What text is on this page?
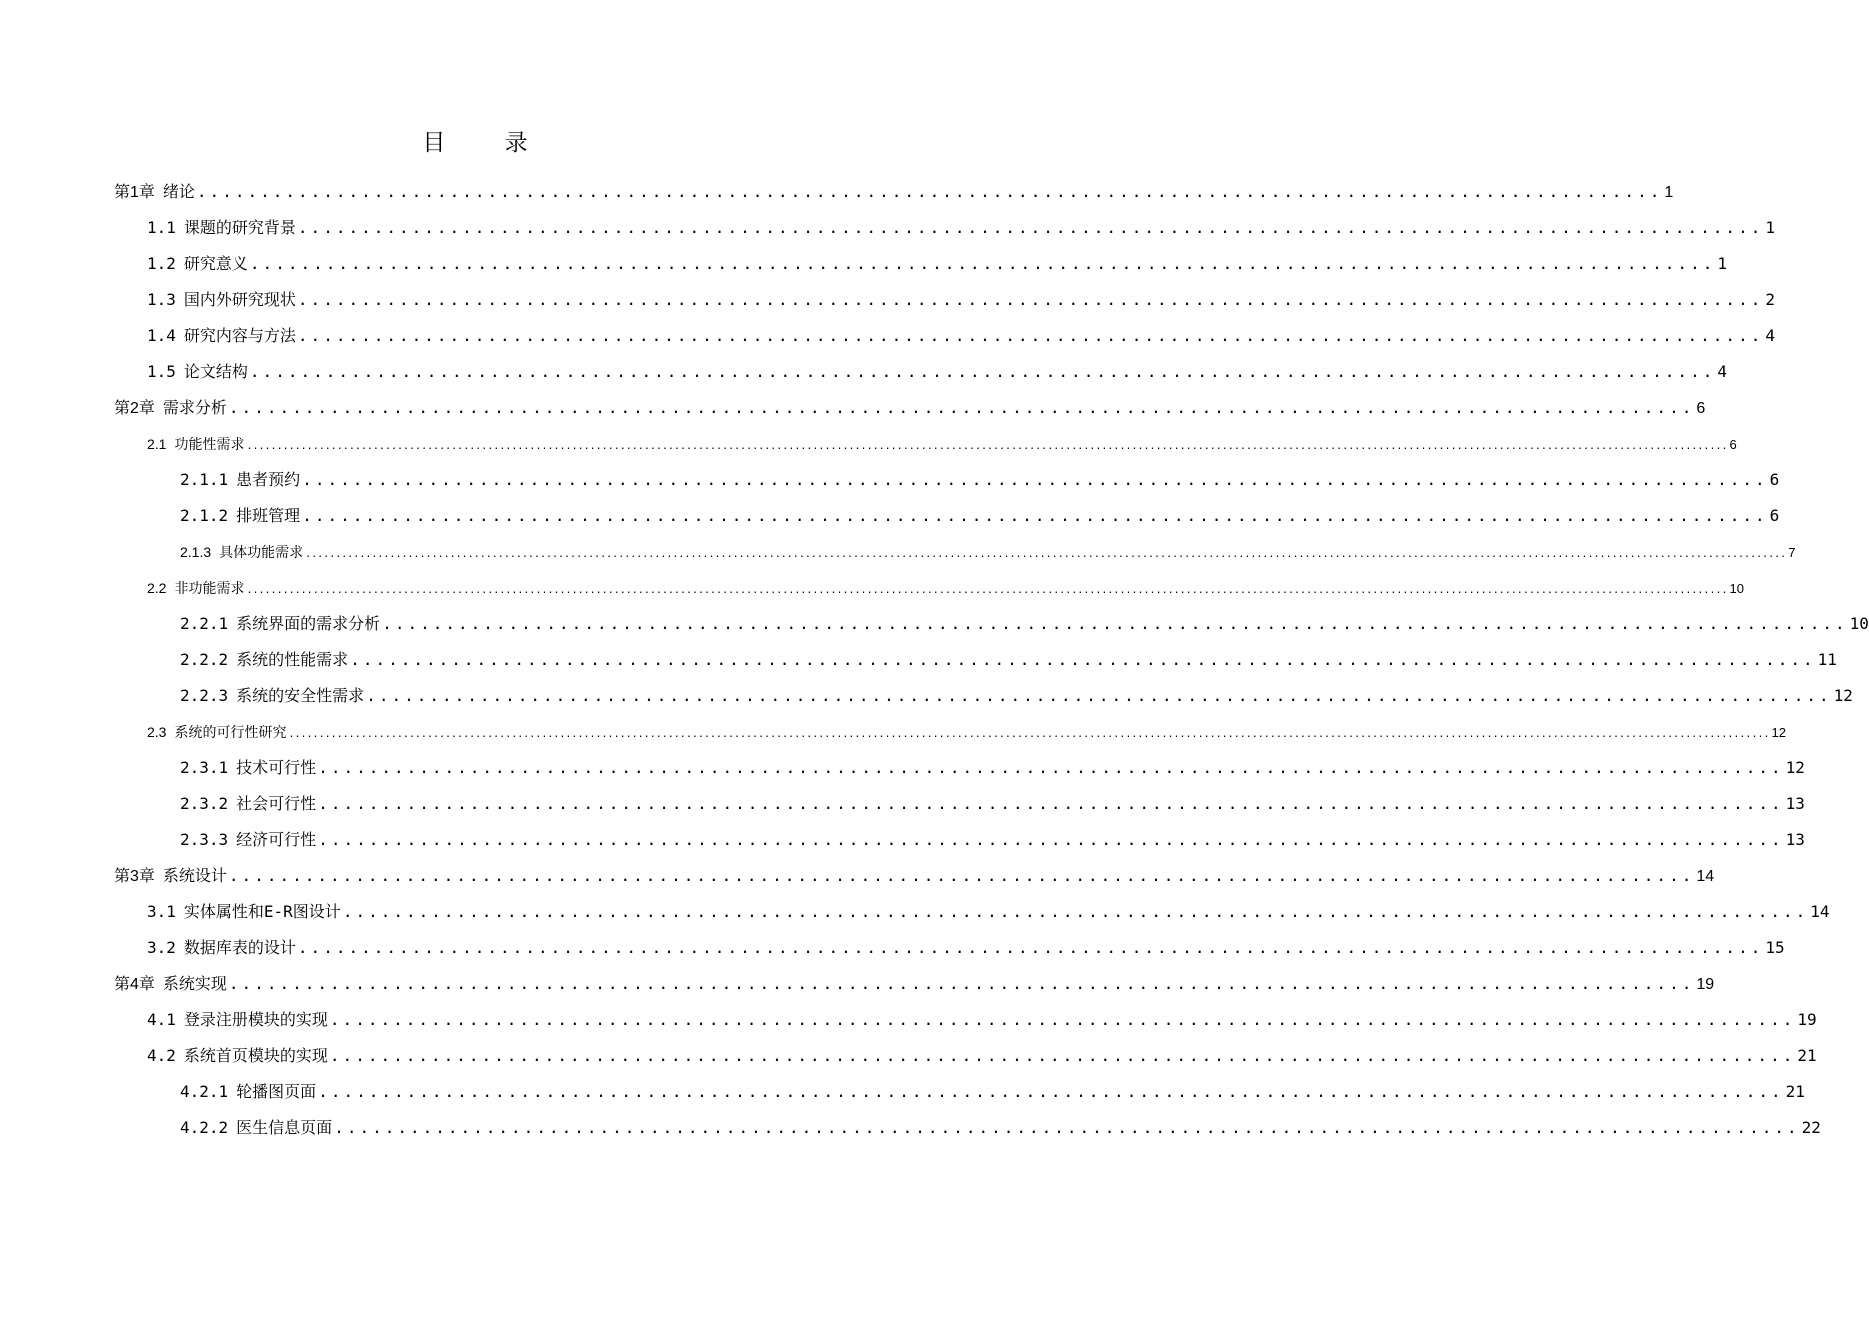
目 录
第1章 绪论 .................................................................................................................... 1
1.1 课题的研究背景 .................................................................................................................... 1
1.2 研究意义 .................................................................................................................... 1
1.3 国内外研究现状 .................................................................................................................... 2
1.4 研究内容与方法 .................................................................................................................... 4
1.5 论文结构 .................................................................................................................... 4
第2章 需求分析 .................................................................................................................... 6
2.1 功能性需求 ...................................................................................................................................................................................................................................................... 6
2.1.1 患者预约 .................................................................................................................... 6
2.1.2 排班管理 .................................................................................................................... 6
2.1.3 具体功能需求 ...................................................................................................................................................................................................................................................... 7
2.2 非功能需求 ...................................................................................................................................................................................................................................................... 10
2.2.1 系统界面的需求分析 .................................................................................................................... 10
2.2.2 系统的性能需求 .................................................................................................................... 11
2.2.3 系统的安全性需求 .................................................................................................................... 12
2.3 系统的可行性研究 ...................................................................................................................................................................................................................................................... 12
2.3.1 技术可行性 .................................................................................................................... 12
2.3.2 社会可行性 .................................................................................................................... 13
2.3.3 经济可行性 .................................................................................................................... 13
第3章 系统设计 .................................................................................................................... 14
3.1 实体属性和E-R图设计 .................................................................................................................... 14
3.2 数据库表的设计 .................................................................................................................... 15
第4章 系统实现 .................................................................................................................... 19
4.1 登录注册模块的实现 .................................................................................................................... 19
4.2 系统首页模块的实现 .................................................................................................................... 21
4.2.1 轮播图页面 .................................................................................................................... 21
4.2.2 医生信息页面 .................................................................................................................... 22
